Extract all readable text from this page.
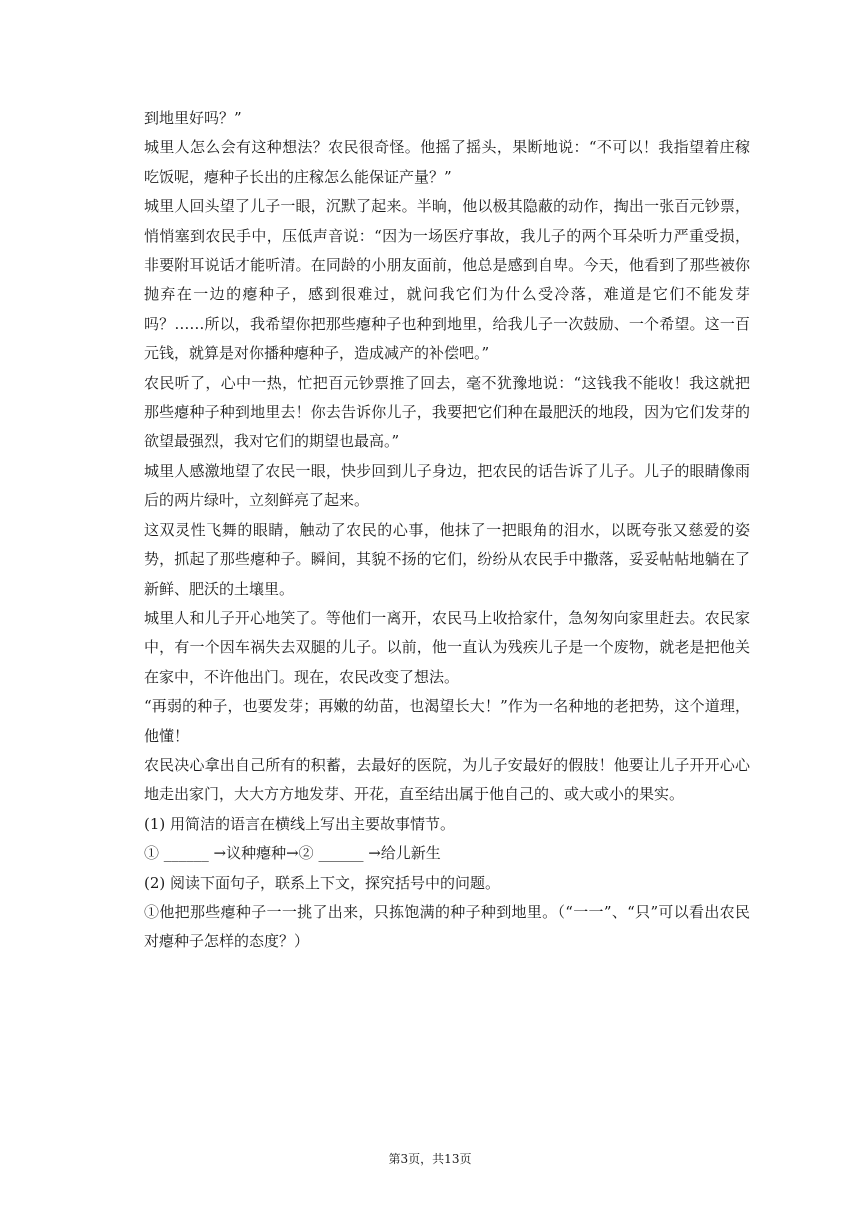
到地里好吗？”

城里人怎么会有这种想法？农民很奇怪。他摇了摇头，果断地说：“不可以！我指望着庄稼吃饭呢，瘪种子长出的庄稼怎么能保证产量？”

城里人回头望了儿子一眼，沉默了起来。半晌，他以极其隐蔽的动作，掏出一张百元钞票，悄悄塞到农民手中，压低声音说：“因为一场医疗事故，我儿子的两个耳朵听力严重受损，非要附耳说话才能听清。在同龄的小朋友面前，他总是感到自卑。今天，他看到了那些被你抛弃在一边的瘪种子，感到很难过，就问我它们为什么受冷落，难道是它们不能发芽吗？……所以，我希望你把那些瘪种子也种到地里，给我儿子一次鼓励、一个希望。这一百元钱，就算是对你播种瘪种子，造成减产的补偿吧。”

农民听了，心中一热，忙把百元钞票推了回去，毫不犹豫地说：“这钱我不能收！我这就把那些瘪种子种到地里去！你去告诉你儿子，我要把它们种在最肥沃的地段，因为它们发芽的欲望最强烈，我对它们的期望也最高。”

城里人感激地望了农民一眼，快步回到儿子身边，把农民的话告诉了儿子。儿子的眼睛像雨后的两片绿叶，立刻鲜亮了起来。

这双灵性飞舞的眼睛，触动了农民的心事，他抹了一把眼角的泪水，以既夸张又慈爱的姿势，抓起了那些瘪种子。瞬间，其貌不扬的它们，纷纷从农民手中撒落，妥妥帖帖地躺在了新鲜、肥沃的土壤里。

城里人和儿子开心地笑了。等他们一离开，农民马上收拾家什，急匆匆向家里赶去。农民家中，有一个因车祸失去双腿的儿子。以前，他一直认为残疾儿子是一个废物，就老是把他关在家中，不许他出门。现在，农民改变了想法。

“再弱的种子，也要发芽；再嫩的幼苗，也渴望长大！”作为一名种地的老把势，这个道理，他懂！

农民决心拿出自己所有的积蓄，去最好的医院，为儿子安最好的假肢！他要让儿子开开心心地走出家门，大大方方地发芽、开花，直至结出属于他自己的、或大或小的果实。

(1) 用简洁的语言在横线上写出主要故事情节。

① ______ →议种瘪种→② ______ →给儿新生

(2) 阅读下面句子，联系上下文，探究括号中的问题。

①他把那些瘪种子一一挑了出来，只拣饱满的种子种到地里。（“一一”、“只”可以看出农民对瘪种子怎样的态度？）

第3页，共13页
